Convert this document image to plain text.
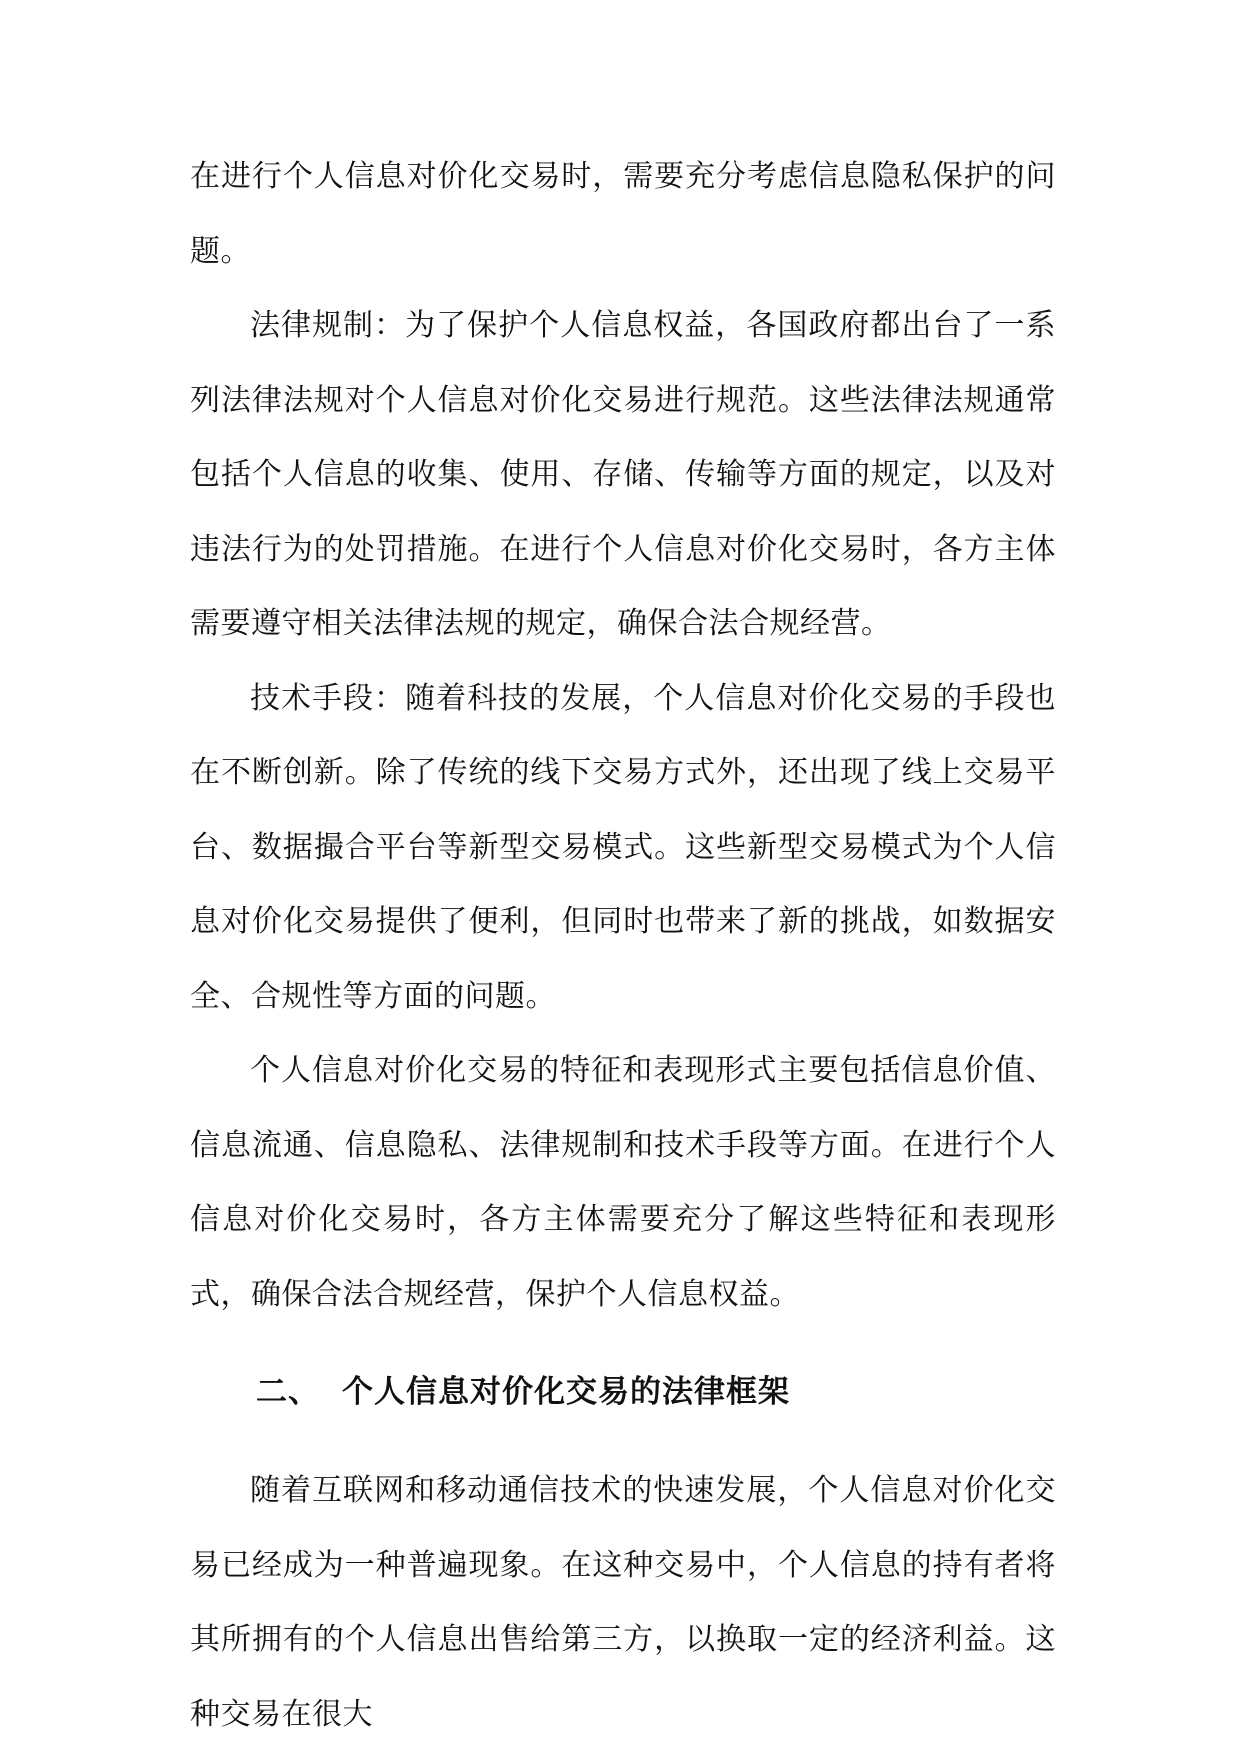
在进行个人信息对价化交易时，需要充分考虑信息隐私保护的问题。

法律规制：为了保护个人信息权益，各国政府都出台了一系列法律法规对个人信息对价化交易进行规范。这些法律法规通常包括个人信息的收集、使用、存储、传输等方面的规定，以及对违法行为的处罚措施。在进行个人信息对价化交易时，各方主体需要遵守相关法律法规的规定，确保合法合规经营。

技术手段：随着科技的发展，个人信息对价化交易的手段也在不断创新。除了传统的线下交易方式外，还出现了线上交易平台、数据撮合平台等新型交易模式。这些新型交易模式为个人信息对价化交易提供了便利，但同时也带来了新的挑战，如数据安全、合规性等方面的问题。

个人信息对价化交易的特征和表现形式主要包括信息价值、信息流通、信息隐私、法律规制和技术手段等方面。在进行个人信息对价化交易时，各方主体需要充分了解这些特征和表现形式，确保合法合规经营，保护个人信息权益。

二、 个人信息对价化交易的法律框架

随着互联网和移动通信技术的快速发展，个人信息对价化交易已经成为一种普遍现象。在这种交易中，个人信息的持有者将其所拥有的个人信息出售给第三方，以换取一定的经济利益。这种交易在很大
